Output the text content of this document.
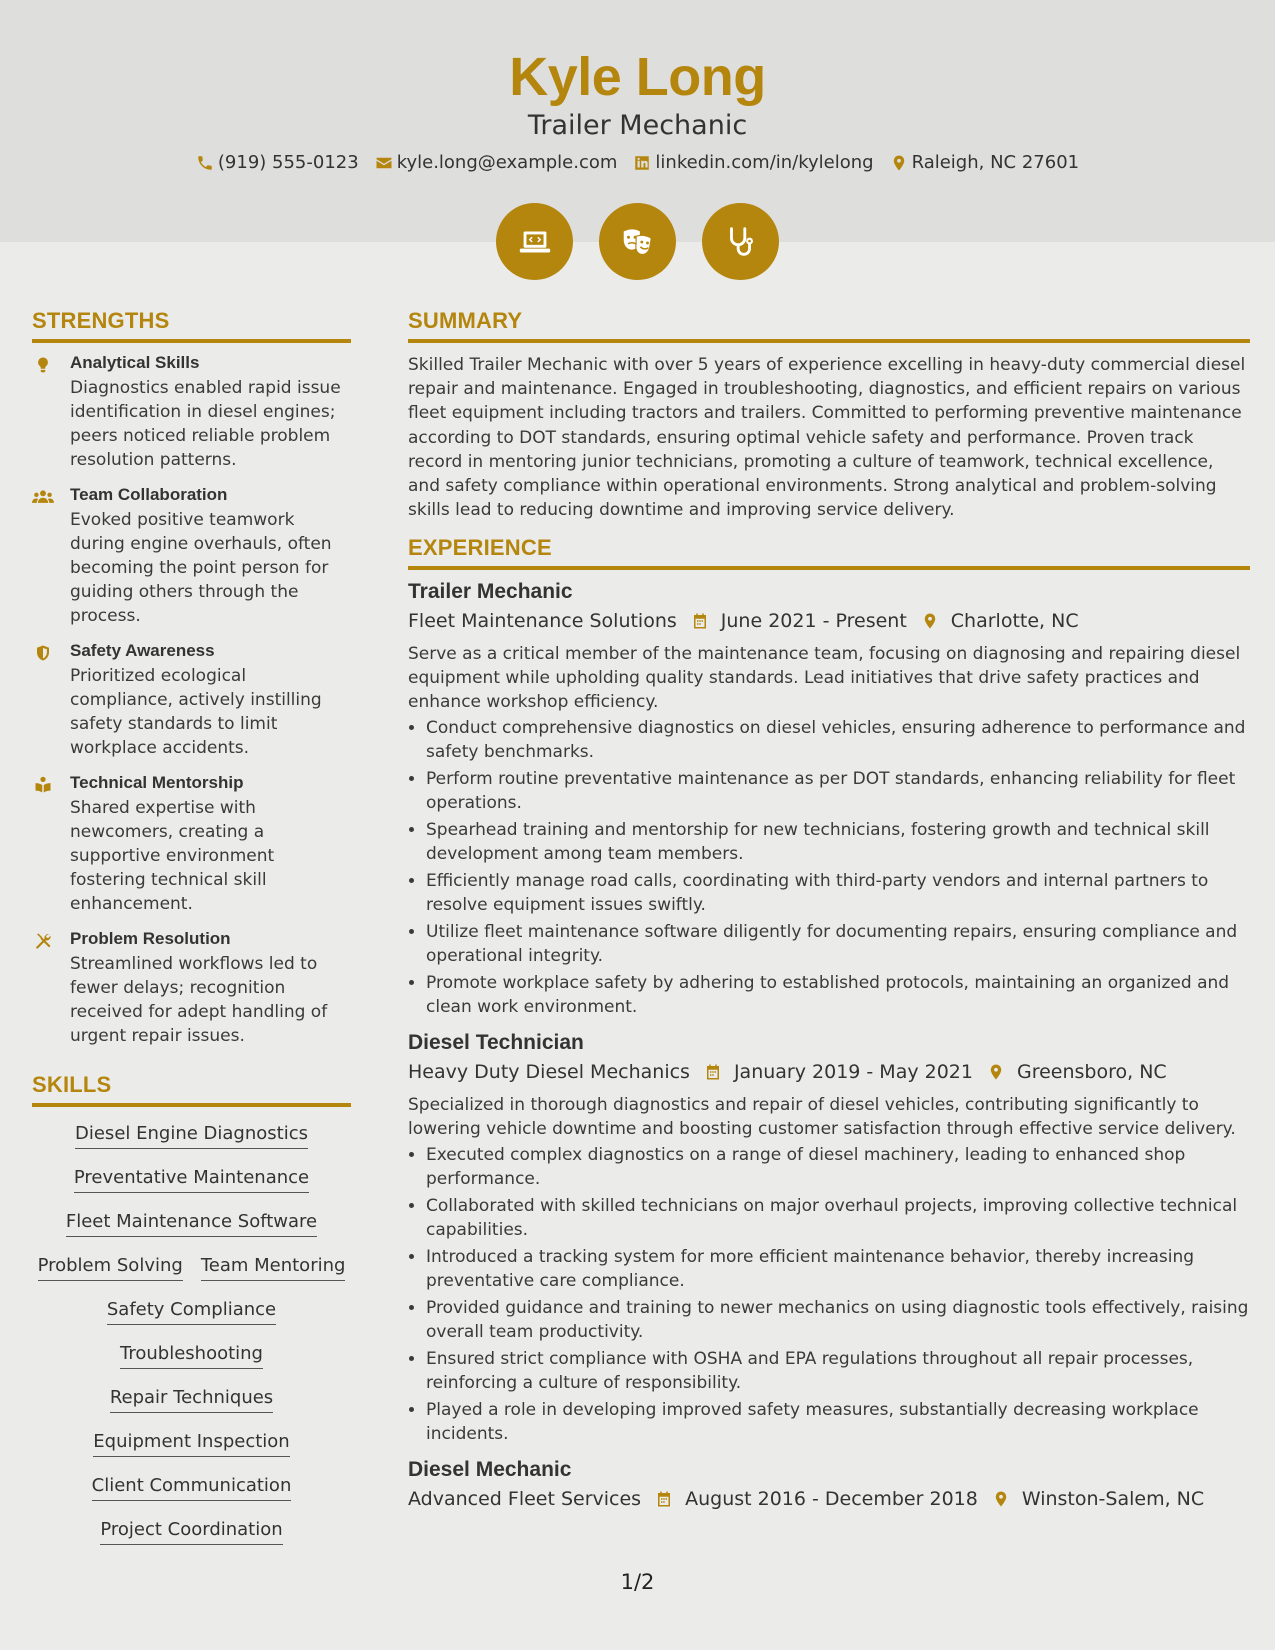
Kyle Long
Trailer Mechanic
(919) 555-0123 kyle.long@example.com linkedin.com/in/kylelong Raleigh, NC 27601
STRENGTHS
Analytical Skills
Diagnostics enabled rapid issue identification in diesel engines; peers noticed reliable problem resolution patterns.
Team Collaboration
Evoked positive teamwork during engine overhauls, often becoming the point person for guiding others through the process.
Safety Awareness
Prioritized ecological compliance, actively instilling safety standards to limit workplace accidents.
Technical Mentorship
Shared expertise with newcomers, creating a supportive environment fostering technical skill enhancement.
Problem Resolution
Streamlined workflows led to fewer delays; recognition received for adept handling of urgent repair issues.
SKILLS
Diesel Engine Diagnostics
Preventative Maintenance
Fleet Maintenance Software
Problem Solving Team Mentoring
Safety Compliance
Troubleshooting
Repair Techniques
Equipment Inspection
Client Communication
Project Coordination
SUMMARY
Skilled Trailer Mechanic with over 5 years of experience excelling in heavy-duty commercial diesel repair and maintenance. Engaged in troubleshooting, diagnostics, and efficient repairs on various fleet equipment including tractors and trailers. Committed to performing preventive maintenance according to DOT standards, ensuring optimal vehicle safety and performance. Proven track record in mentoring junior technicians, promoting a culture of teamwork, technical excellence, and safety compliance within operational environments. Strong analytical and problem-solving skills lead to reducing downtime and improving service delivery.
EXPERIENCE
Trailer Mechanic
Fleet Maintenance Solutions June 2021 - Present Charlotte, NC
Serve as a critical member of the maintenance team, focusing on diagnosing and repairing diesel equipment while upholding quality standards. Lead initiatives that drive safety practices and enhance workshop efficiency.
• Conduct comprehensive diagnostics on diesel vehicles, ensuring adherence to performance and safety benchmarks.
• Perform routine preventative maintenance as per DOT standards, enhancing reliability for fleet operations.
• Spearhead training and mentorship for new technicians, fostering growth and technical skill development among team members.
• Efficiently manage road calls, coordinating with third-party vendors and internal partners to resolve equipment issues swiftly.
• Utilize fleet maintenance software diligently for documenting repairs, ensuring compliance and operational integrity.
• Promote workplace safety by adhering to established protocols, maintaining an organized and clean work environment.
Diesel Technician
Heavy Duty Diesel Mechanics January 2019 - May 2021 Greensboro, NC
Specialized in thorough diagnostics and repair of diesel vehicles, contributing significantly to lowering vehicle downtime and boosting customer satisfaction through effective service delivery.
• Executed complex diagnostics on a range of diesel machinery, leading to enhanced shop performance.
• Collaborated with skilled technicians on major overhaul projects, improving collective technical capabilities.
• Introduced a tracking system for more efficient maintenance behavior, thereby increasing preventative care compliance.
• Provided guidance and training to newer mechanics on using diagnostic tools effectively, raising overall team productivity.
• Ensured strict compliance with OSHA and EPA regulations throughout all repair processes, reinforcing a culture of responsibility.
• Played a role in developing improved safety measures, substantially decreasing workplace incidents.
Diesel Mechanic
Advanced Fleet Services August 2016 - December 2018 Winston-Salem, NC
1/2
